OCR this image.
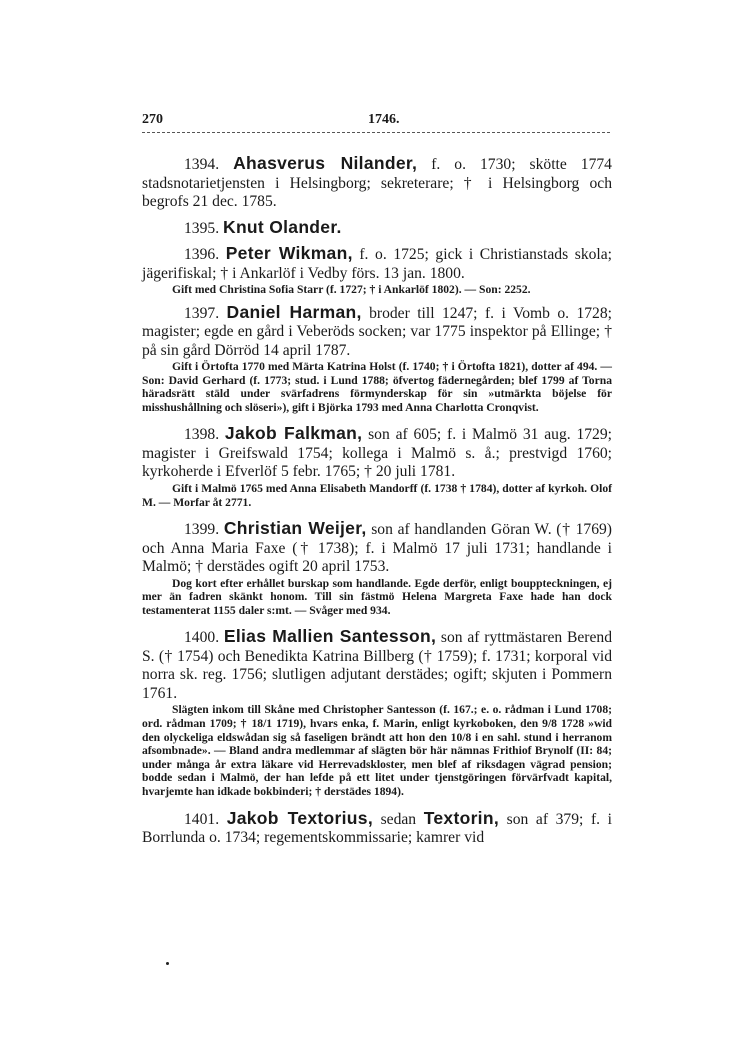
270	1746.

1394. Ahasverus Nilander, f. o. 1730; skötte 1774 stadsnotarietjensten i Helsingborg; sekreterare; † i Helsingborg och begrofs 21 dec. 1785.

1395. Knut Olander.

1396. Peter Wikman, f. o. 1725; gick i Christianstads skola; jägerifiskal; † i Ankarlöf i Vedby förs. 13 jan. 1800.

Gift med Christina Sofia Starr (f. 1727; † i Ankarlöf 1802). — Son: 2252.

1397. Daniel Harman, broder till 1247; f. i Vomb o. 1728; magister; egde en gård i Veberöds socken; var 1775 inspektor på Ellinge; † på sin gård Dörröd 14 april 1787.

Gift i Örtofta 1770 med Märta Katrina Holst (f. 1740; † i Örtofta 1821), dotter af 494. — Son: David Gerhard (f. 1773; stud. i Lund 1788; öfvertog fädernegården; blef 1799 af Torna häradsrätt stäld under svärfadrens förmynderskap för sin »utmärkta böjelse för misshushållning och slöseri»), gift i Björka 1793 med Anna Charlotta Cronqvist.

1398. Jakob Falkman, son af 605; f. i Malmö 31 aug. 1729; magister i Greifswald 1754; kollega i Malmö s. å.; prestvigd 1760; kyrkoherde i Efverlöf 5 febr. 1765; † 20 juli 1781.

Gift i Malmö 1765 med Anna Elisabeth Mandorff (f. 1738 † 1784), dotter af kyrkoh. Olof M. — Morfar åt 2771.

1399. Christian Weijer, son af handlanden Göran W. († 1769) och Anna Maria Faxe († 1738); f. i Malmö 17 juli 1731; handlande i Malmö; † derstädes ogift 20 april 1753.

Dog kort efter erhållet burskap som handlande. Egde derför, enligt bouppteckningen, ej mer än fadren skänkt honom. Till sin fästmö Helena Margreta Faxe hade han dock testamenterat 1155 daler s:mt. — Svåger med 934.

1400. Elias Mallien Santesson, son af ryttmästaren Berend S. († 1754) och Benedikta Katrina Billberg († 1759); f. 1731; korporal vid norra sk. reg. 1756; slutligen adjutant derstädes; ogift; skjuten i Pommern 1761.

Slägten inkom till Skåne med Christopher Santesson (f. 167.; e. o. rådman i Lund 1708; ord. rådman 1709; † 18/1 1719), hvars enka, f. Marin, enligt kyrkoboken, den 9/8 1728 »wid den olyckeliga eldswådan sig så faseligen brändt att hon den 10/8 i en sahl. stund i herranom afsombnade». — Bland andra medlemmar af slägten bör här nämnas Frithiof Brynolf (II: 84; under många år extra läkare vid Herrevadskloster, men blef af riksdagen vägrad pension; bodde sedan i Malmö, der han lefde på ett litet under tjenstgöringen förvärfvadt kapital, hvarjemte han idkade bokbinderi; † derstädes 1894).

1401. Jakob Textorius, sedan Textorin, son af 379; f. i Borrlunda o. 1734; regementskommissarie; kamrer vid
